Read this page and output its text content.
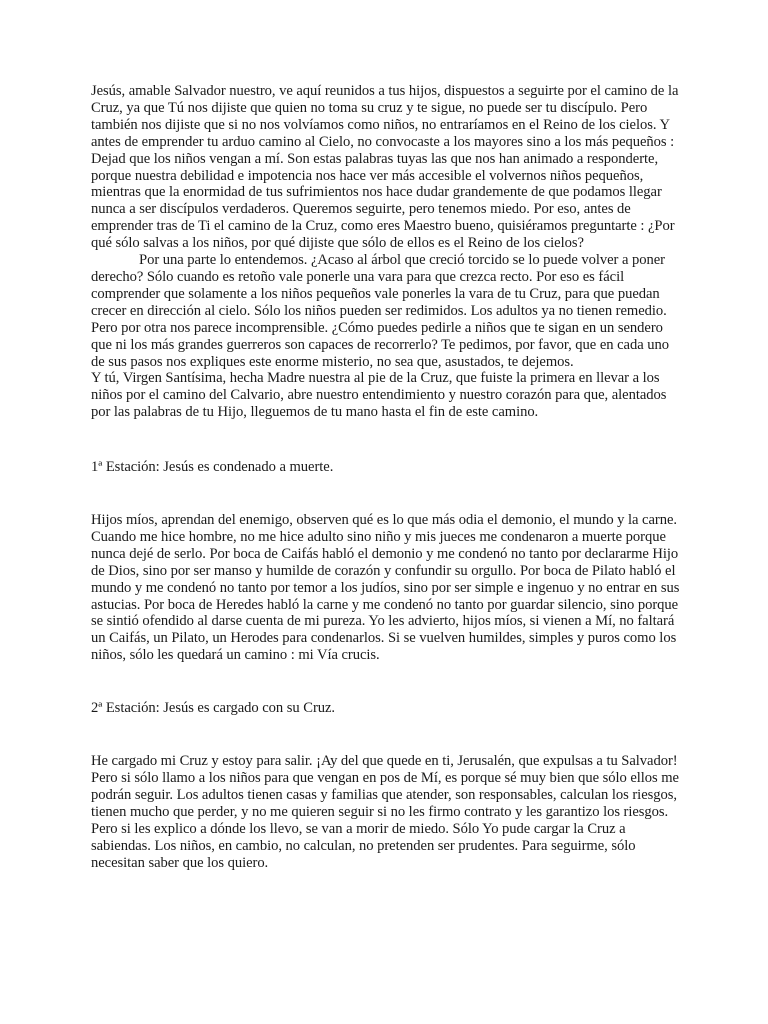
Jesús, amable Salvador nuestro, ve aquí reunidos a tus hijos, dispuestos a seguirte por el camino de la Cruz, ya que Tú nos dijiste que quien no toma su cruz y te sigue, no puede ser tu discípulo. Pero también nos dijiste que si no nos volvíamos como niños, no entraríamos en el Reino de los cielos. Y antes de emprender tu arduo camino al Cielo, no convocaste a los mayores sino a los más pequeños : Dejad que los niños vengan a mí. Son estas palabras tuyas las que nos han animado a responderte, porque nuestra debilidad e impotencia nos hace ver más accesible el volvernos niños pequeños, mientras que la enormidad de tus sufrimientos nos hace dudar grandemente de que podamos llegar nunca a ser discípulos verdaderos. Queremos seguirte, pero tenemos miedo. Por eso, antes de emprender tras de Ti el camino de la Cruz, como eres Maestro bueno, quisiéramos preguntarte : ¿Por qué sólo salvas a los niños, por qué dijiste que sólo de ellos es el Reino de los cielos?

Por una parte lo entendemos. ¿Acaso al árbol que creció torcido se lo puede volver a poner derecho? Sólo cuando es retoño vale ponerle una vara para que crezca recto. Por eso es fácil comprender que solamente a los niños pequeños vale ponerles la vara de tu Cruz, para que puedan crecer en dirección al cielo. Sólo los niños pueden ser redimidos. Los adultos ya no tienen remedio.

Pero por otra nos parece incomprensible. ¿Cómo puedes pedirle a niños que te sigan en un sendero que ni los más grandes guerreros son capaces de recorrerlo? Te pedimos, por favor, que en cada uno de sus pasos nos expliques este enorme misterio, no sea que, asustados, te dejemos.

Y tú, Virgen Santísima, hecha Madre nuestra al pie de la Cruz, que fuiste la primera en llevar a los niños por el camino del Calvario, abre nuestro entendimiento y nuestro corazón para que, alentados por las palabras de tu Hijo, lleguemos de tu mano hasta el fin de este camino.

1ª Estación: Jesús es condenado a muerte.

Hijos míos, aprendan del enemigo, observen qué es lo que más odia el demonio, el mundo y la carne. Cuando me hice hombre, no me hice adulto sino niño y mis jueces me condenaron a muerte porque nunca dejé de serlo. Por boca de Caifás habló el demonio y me condenó no tanto por declararme Hijo de Dios, sino por ser manso y humilde de corazón y confundir su orgullo. Por boca de Pilato habló el mundo y me condenó no tanto por temor a los judíos, sino por ser simple e ingenuo y no entrar en sus astucias. Por boca de Heredes habló la carne y me condenó no tanto por guardar silencio, sino porque se sintió ofendido al darse cuenta de mi pureza. Yo les advierto, hijos míos, si vienen a Mí, no faltará un Caifás, un Pilato, un Herodes para condenarlos. Si se vuelven humildes, simples y puros como los niños, sólo les quedará un camino : mi Vía crucis.

2ª Estación: Jesús es cargado con su Cruz.

He cargado mi Cruz y estoy para salir. ¡Ay del que quede en ti, Jerusalén, que expulsas a tu Salvador! Pero si sólo llamo a los niños para que vengan en pos de Mí, es porque sé muy bien que sólo ellos me podrán seguir. Los adultos tienen casas y familias que atender, son responsables, calculan los riesgos, tienen mucho que perder, y no me quieren seguir si no les firmo contrato y les garantizo los riesgos. Pero si les explico a dónde los llevo, se van a morir de miedo. Sólo Yo pude cargar la Cruz a sabiendas. Los niños, en cambio, no calculan, no pretenden ser prudentes. Para seguirme, sólo necesitan saber que los quiero.
